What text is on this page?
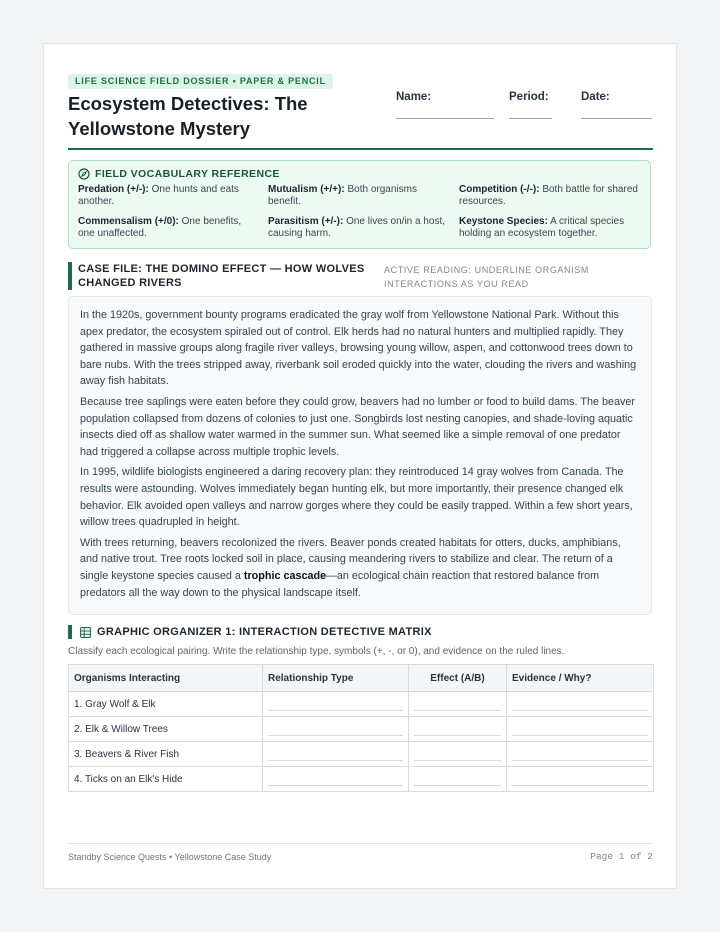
LIFE SCIENCE FIELD DOSSIER • PAPER & PENCIL
Ecosystem Detectives: The Yellowstone Mystery
Name:	Period:	Date:
FIELD VOCABULARY REFERENCE
Predation (+/-): One hunts and eats another.
Mutualism (+/+): Both organisms benefit.
Competition (-/-): Both battle for shared resources.
Commensalism (+/0): One benefits, one unaffected.
Parasitism (+/-): One lives on/in a host, causing harm.
Keystone Species: A critical species holding an ecosystem together.
CASE FILE: THE DOMINO EFFECT — HOW WOLVES CHANGED RIVERS
ACTIVE READING: UNDERLINE ORGANISM INTERACTIONS AS YOU READ

In the 1920s, government bounty programs eradicated the gray wolf from Yellowstone National Park. Without this apex predator, the ecosystem spiraled out of control. Elk herds had no natural hunters and multiplied rapidly. They gathered in massive groups along fragile river valleys, browsing young willow, aspen, and cottonwood trees down to bare nubs. With the trees stripped away, riverbank soil eroded quickly into the water, clouding the rivers and washing away fish habitats.

Because tree saplings were eaten before they could grow, beavers had no lumber or food to build dams. The beaver population collapsed from dozens of colonies to just one. Songbirds lost nesting canopies, and shade-loving aquatic insects died off as shallow water warmed in the summer sun. What seemed like a simple removal of one predator had triggered a collapse across multiple trophic levels.

In 1995, wildlife biologists engineered a daring recovery plan: they reintroduced 14 gray wolves from Canada. The results were astounding. Wolves immediately began hunting elk, but more importantly, their presence changed elk behavior. Elk avoided open valleys and narrow gorges where they could be easily trapped. Within a few short years, willow trees quadrupled in height.

With trees returning, beavers recolonized the rivers. Beaver ponds created habitats for otters, ducks, amphibians, and native trout. Tree roots locked soil in place, causing meandering rivers to stabilize and clear. The return of a single keystone species caused a trophic cascade—an ecological chain reaction that restored balance from predators all the way down to the physical landscape itself.

GRAPHIC ORGANIZER 1: INTERACTION DETECTIVE MATRIX
Classify each ecological pairing. Write the relationship type, symbols (+, -, or 0), and evidence on the ruled lines.
Organisms Interacting	Relationship Type	Effect (A/B)	Evidence / Why?
1. Gray Wolf & Elk	

2. Elk & Willow Trees	

3. Beavers & River Fish	

4. Ticks on an Elk's Hide	

Standby Science Quests • Yellowstone Case Study	Page 1 of 2
